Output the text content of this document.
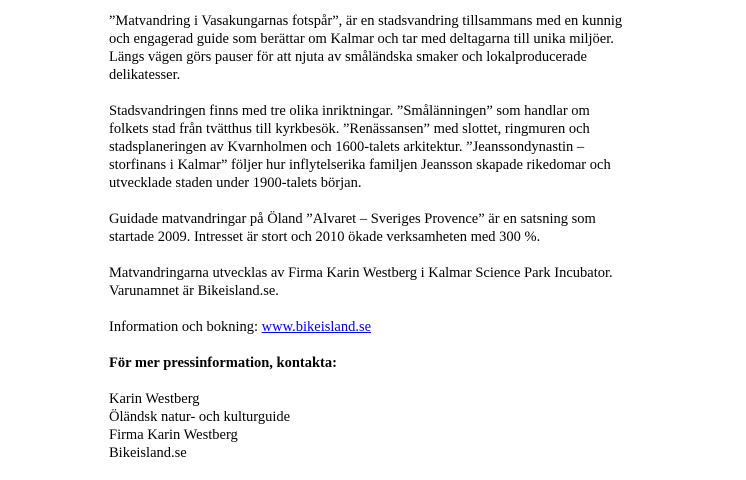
”Matvandring i Vasakungarnas fotspår”, är en stadsvandring tillsammans med en kunnig
och engagerad guide som berättar om Kalmar och tar med deltagarna till unika miljöer.
Längs vägen görs pauser för att njuta av småländska smaker och lokalproducerade
delikatesser.
Stadsvandringen finns med tre olika inriktningar. ”Smålänningen” som handlar om
folkets stad från tvätthus till kyrkbesök. ”Renässansen” med slottet, ringmuren och
stadsplaneringen av Kvarnholmen och 1600-talets arkitektur. ”Jeanssondynastin –
storfinans i Kalmar” följer hur inflytelserika familjen Jeansson skapade rikedomar och
utvecklade staden under 1900-talets början.
Guidade matvandringar på Öland ”Alvaret – Sveriges Provence” är en satsning som
startade 2009. Intresset är stort och 2010 ökade verksamheten med 300 %.
Matvandringarna utvecklas av Firma Karin Westberg i Kalmar Science Park Incubator.
Varunamnet är Bikeisland.se.
Information och bokning: www.bikeisland.se
För mer pressinformation, kontakta:
Karin Westberg
Öländsk natur- och kulturguide
Firma Karin Westberg
Bikeisland.se
